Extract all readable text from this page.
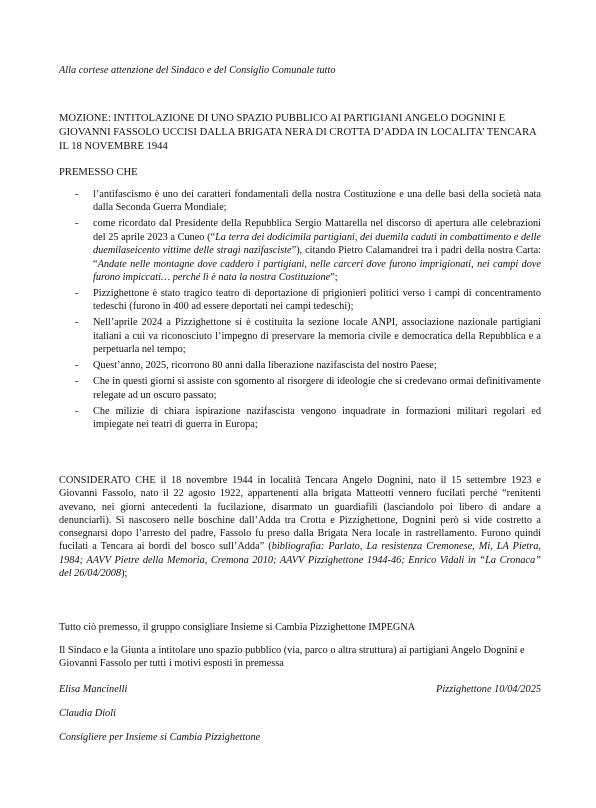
Alla cortese attenzione del Sindaco e del Consiglio Comunale tutto

MOZIONE: INTITOLAZIONE DI UNO SPAZIO PUBBLICO AI PARTIGIANI ANGELO DOGNINI E GIOVANNI FASSOLO UCCISI DALLA BRIGATA NERA DI CROTTA D’ADDA IN LOCALITA’ TENCARA IL 18 NOVEMBRE 1944

PREMESSO CHE

- l’antifascismo è uno dei caratteri fondamentali della nostra Costituzione e una delle basi della società nata dalla Seconda Guerra Mondiale;
- come ricordato dal Presidente della Repubblica Sergio Mattarella nel discorso di apertura alle celebrazioni del 25 aprile 2023 a Cuneo (“La terra dei dodicimila partigiani, dei duemila caduti in combattimento e delle duemilaseicento vittime delle stragi nazifasciste”), citando Pietro Calamandrei tra i padri della nostra Carta: “Andate nelle montagne dove caddero i partigiani, nelle carceri dove furono imprigionati, nei campi dove furono impiccati… perché lì è nata la nostra Costituzione”;
- Pizzighettone è stato tragico teatro di deportazione di prigionieri politici verso i campi di concentramento tedeschi (furono in 400 ad essere deportati nei campi tedeschi);
- Nell’aprile 2024 a Pizzighettone si è costituita la sezione locale ANPI, associazione nazionale partigiani italiani a cui va riconosciuto l’impegno di preservare la memoria civile e democratica della Repubblica e a perpetuarla nel tempo;
- Quest’anno, 2025, ricorrono 80 anni dalla liberazione nazifascista del nostro Paese;
- Che in questi giorni si assiste con sgomento al risorgere di ideologie che si credevano ormai definitivamente relegate ad un oscuro passato;
- Che milizie di chiara ispirazione nazifascista vengono inquadrate in formazioni militari regolari ed impiegate nei teatri di guerra in Europa;

CONSIDERATO CHE il 18 novembre 1944 in località Tencara Angelo Dognini, nato il 15 settembre 1923 e Giovanni Fassolo, nato il 22 agosto 1922, appartenenti alla brigata Matteotti vennero fucilati perché “renitenti avevano, nei giorni antecedenti la fucilazione, disarmato un guardiafili (lasciandolo poi libero di andare a denunciarli). Si nascosero nelle boschine dall’Adda tra Crotta e Pizzighettone, Dognini però si vide costretto a consegnarsi dopo l’arresto del padre, Fassolo fu preso dalla Brigata Nera locale in rastrellamento. Furono quindi fucilati a Tencara ai bordi del bosco sull’Adda” (bibliografia: Parlato, La resistenza Cremonese, Mi, LA Pietra, 1984; AAVV Pietre della Memoria, Cremona 2010; AAVV Pizzighettone 1944-46; Enrico Vidali in “La Cronaca” del 26/04/2008);

Tutto ciò premesso, il gruppo consigliare Insieme si Cambia Pizzighettone IMPEGNA

Il Sindaco e la Giunta a intitolare uno spazio pubblico (via, parco o altra struttura) ai partigiani Angelo Dognini e Giovanni Fassolo per tutti i motivi esposti in premessa

Elisa Mancinelli	Pizzighettone 10/04/2025

Claudia Dioli

Consigliere per Insieme si Cambia Pizzighettone
